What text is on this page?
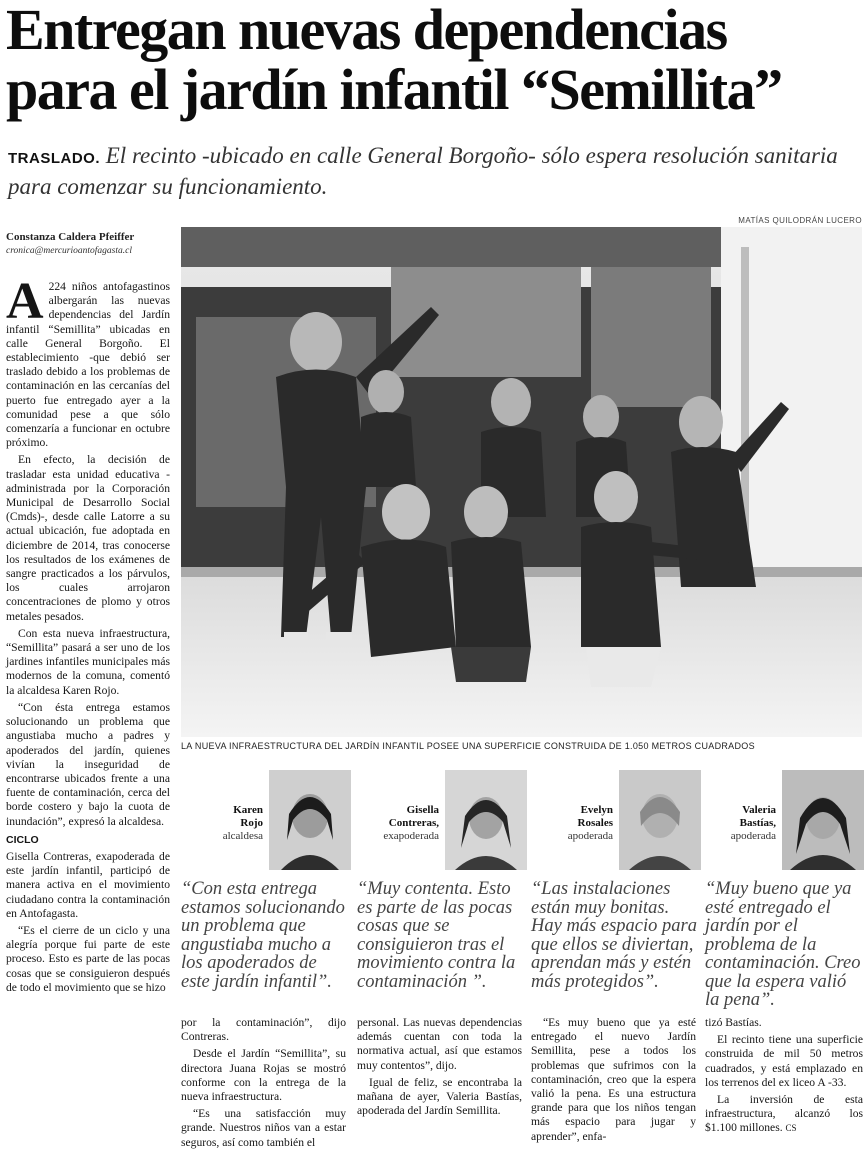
Entregan nuevas dependencias
para el jardín infantil “Semillita”
TRASLADO. El recinto -ubicado en calle General Borgoño- sólo espera resolución sanitaria para comenzar su funcionamiento.
MATÍAS QUILODRÁN LUCERO
Constanza Caldera Pfeiffer
cronica@mercurioantofagasta.cl

A 224 niños antofagastinos albergarán las nuevas dependencias del Jardín infantil “Semillita” ubicadas en calle General Borgoño. El establecimiento -que debió ser traslado debido a los problemas de contaminación en las cercanías del puerto fue entregado ayer a la comunidad pese a que sólo comenzaría a funcionar en octubre próximo.

En efecto, la decisión de trasladar esta unidad educativa -administrada por la Corporación Municipal de Desarrollo Social (Cmds)-, desde calle Latorre a su actual ubicación, fue adoptada en diciembre de 2014, tras conocerse los resultados de los exámenes de sangre practicados a los párvulos, los cuales arrojaron concentraciones de plomo y otros metales pesados.

Con esta nueva infraestructura, “Semillita” pasará a ser uno de los jardines infantiles municipales más modernos de la comuna, comentó la alcaldesa Karen Rojo.

“Con ésta entrega estamos solucionando un problema que angustiaba mucho a padres y apoderados del jardín, quienes vivían la inseguridad de encontrarse ubicados frente a una fuente de contaminación, cerca del borde costero y bajo la cuota de inundación”, expresó la alcaldesa.

CICLO

Gisella Contreras, exapoderada de este jardín infantil, participó de manera activa en el movimiento ciudadano contra la contaminación en Antofagasta.

“Es el cierre de un ciclo y una alegría porque fui parte de este proceso. Esto es parte de las pocas cosas que se consiguieron después de todo el movimiento que se hizo

LA NUEVA INFRAESTRUCTURA DEL JARDÍN INFANTIL POSEE UNA SUPERFICIE CONSTRUIDA DE 1.050 METROS CUADRADOS
Karen
Rojo
alcaldesa
“Con esta entrega estamos solucionando un problema que angustiaba mucho a los apoderados de este jardín infantil”.
Gisella
Contreras,
exapoderada
“Muy contenta. Esto es parte de las pocas cosas que se consiguieron tras el movimiento contra la contaminación ”.
Evelyn
Rosales
apoderada
“Las instalaciones están muy bonitas. Hay más espacio para que ellos se diviertan, aprendan más y estén más protegidos”.
Valeria
Bastías,
apoderada
“Muy bueno que ya esté entregado el jardín por el problema de la contaminación. Creo que la espera valió la pena”.

por la contaminación”, dijo Contreras.

Desde el Jardín “Semillita”, su directora Juana Rojas se mostró conforme con la entrega de la nueva infraestructura.

“Es una satisfacción muy grande. Nuestros niños van a estar seguros, así como también el

personal. Las nuevas dependencias además cuentan con toda la normativa actual, así que estamos muy contentos”, dijo.

Igual de feliz, se encontraba la mañana de ayer, Valeria Bastías, apoderada del Jardín Semillita.

“Es muy bueno que ya esté entregado el nuevo Jardín Semillita, pese a todos los problemas que sufrimos con la contaminación, creo que la espera valió la pena. Es una estructura grande para que los niños tengan más espacio para jugar y aprender”, enfa-

tizó Bastías.

El recinto tiene una superficie construida de mil 50 metros cuadrados, y está emplazado en los terrenos del ex liceo A -33.

La inversión de esta infraestructura, alcanzó los $1.100 millones. CS
